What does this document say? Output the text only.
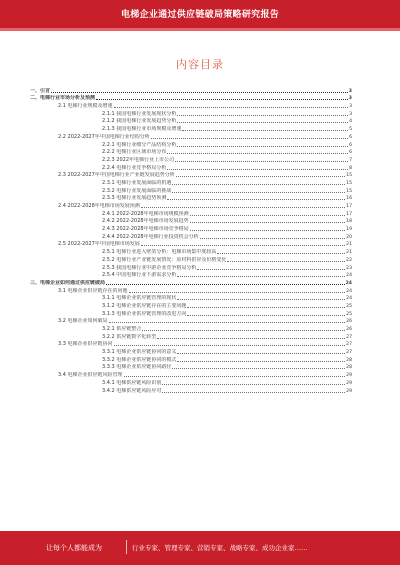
电梯企业通过供应链破局策略研究报告
内容目录
一、引言	3
二、电梯行业市场分析及预测	3
2.1 电梯行业规模及增速	3
2.1.1 我国电梯行业发展现状分析	3
2.1.2 我国电梯行业发展趋势分析	4
2.1.3 我国电梯行业市场规模及增速	5
2.2 2022-2027年中国电梯行业结构分析	6
2.2.1 电梯行业细分产品结构分析	6
2.2.2 电梯行业区域市场分布	6
2.2.3 2022年电梯行业上市公司	7
2.2.4 电梯行业竞争格局分析	8
2.3 2022-2027年中国电梯行业产业链发展趋势分析	15
2.3.1 电梯行业发展面临的机遇	15
2.3.2 电梯行业发展面临的挑战	15
2.3.3 电梯行业发展趋势预测	16
2.4 2022-2028年电梯市场发展预测	17
2.4.1 2022-2028年电梯市场规模预测	17
2.4.2 2022-2028年电梯市场发展趋势	18
2.4.3 2022-2028年电梯市场竞争格局	19
2.4.4 2022-2028年电梯行业投资机会分析	20
2.5 2022-2027年中国电梯市场发展	21
2.5.1 电梯行业进入壁垒分析：电梯市场集中度较高	21
2.5.2 电梯行业产业链发展情况：原材料供应及价格变化	22
2.5.3 我国电梯行业中游企业竞争格局分析	23
2.5.4 中国电梯行业下游需求分析	24
三、电梯企业如何通过供应链破局	24
3.1 电梯企业供应链存在的问题	24
3.1.1 电梯企业供应链管理的现状	24
3.1.2 电梯企业供应链存在的主要问题	25
3.1.3 电梯企业供应链管理的改进方向	25
3.2 电梯企业如何破局	26
3.2.1 供应链整合	26
3.2.2 供应链数字化转型	27
3.3 电梯企业供应链协同	27
3.3.1 电梯企业供应链协同的意义	27
3.3.2 电梯企业供应链协同的模式	28
3.3.3 电梯企业供应链协同路径	28
3.4 电梯企业供应链风险管理	29
3.4.1 电梯供应链风险识别	29
3.4.2 电梯供应链风险应对	29
让每个人都能成为	行业专家、管理专家、营销专家、战略专家、成功企业家……
